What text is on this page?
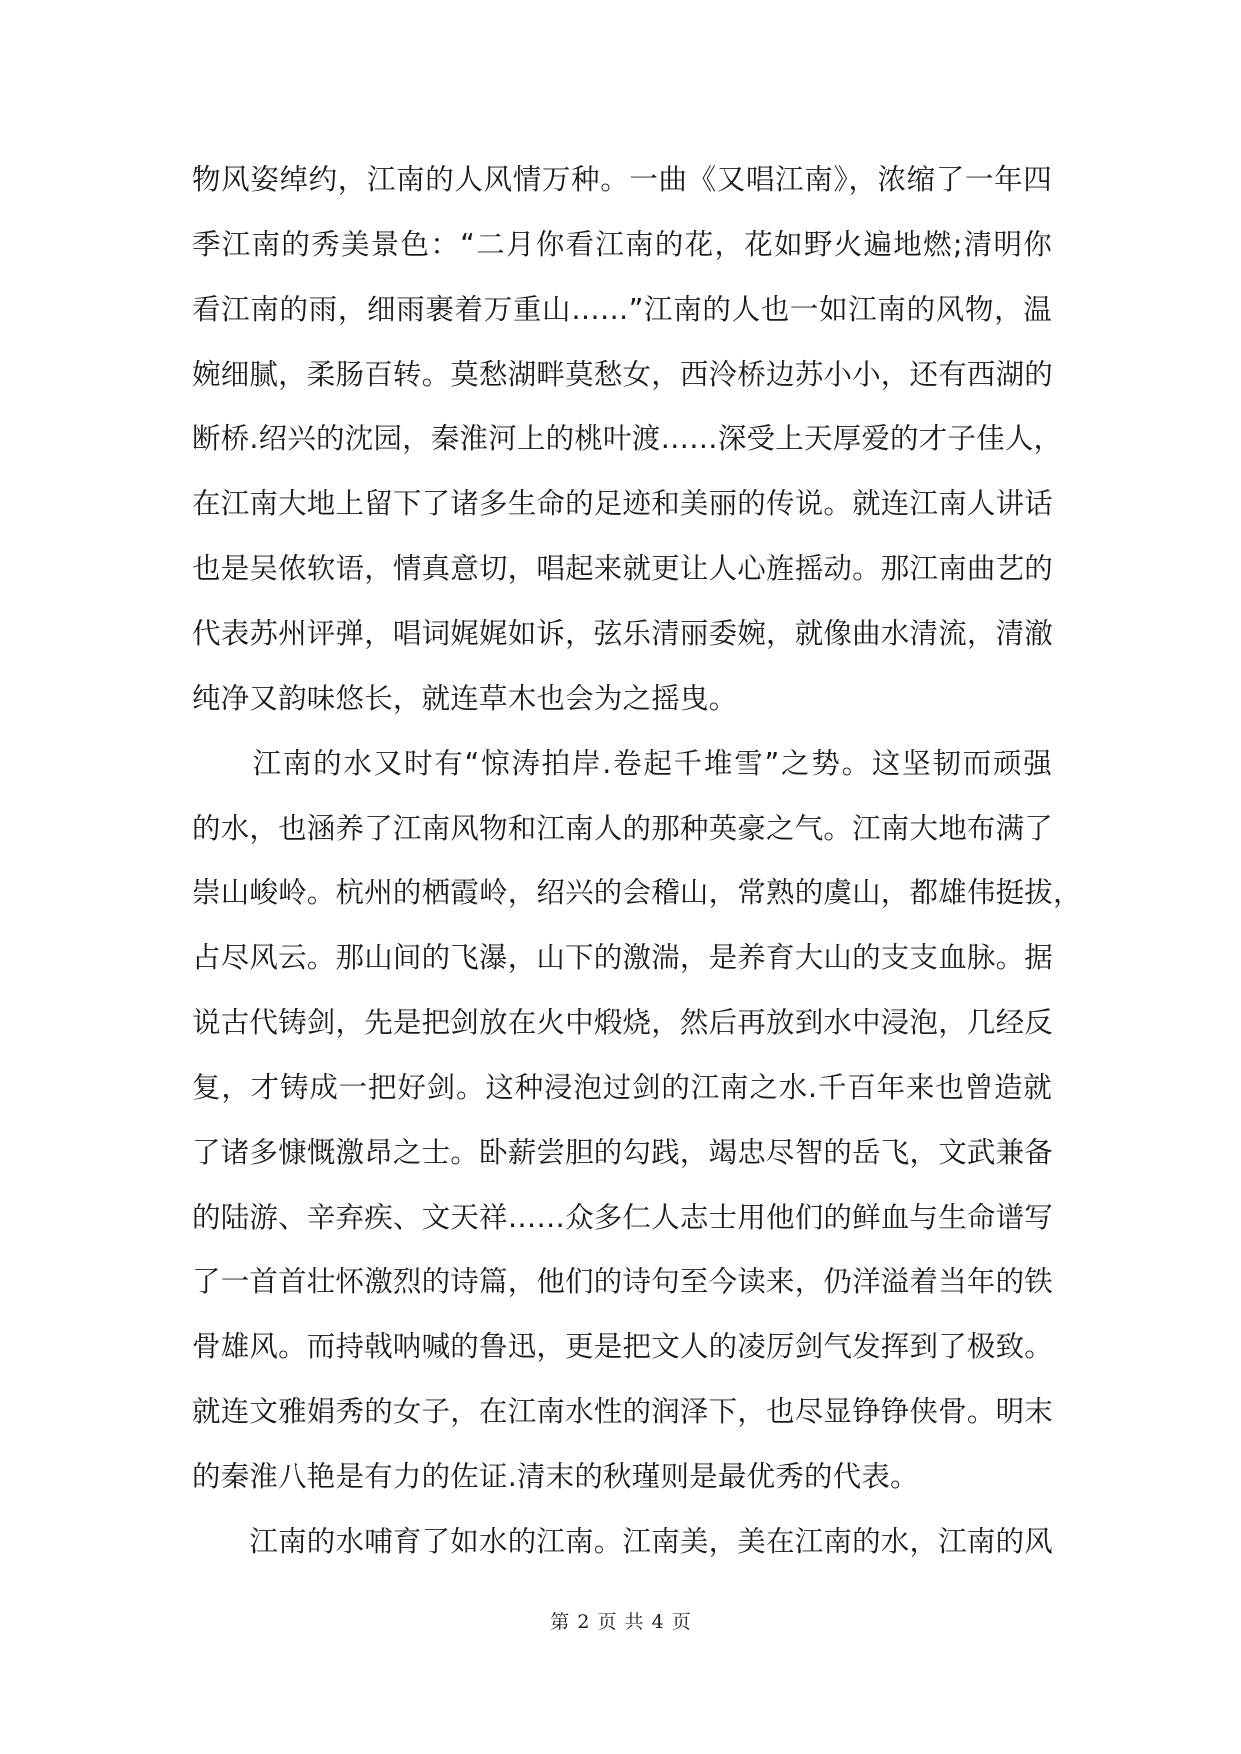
物风姿绰约，江南的人风情万种。一曲《又唱江南》，浓缩了一年四
季江南的秀美景色：“二月你看江南的花，花如野火遍地燃;清明你
看江南的雨，细雨裹着万重山……”江南的人也一如江南的风物，温
婉细腻，柔肠百转。莫愁湖畔莫愁女，西泠桥边苏小小，还有西湖的
断桥.绍兴的沈园，秦淮河上的桃叶渡……深受上天厚爱的才子佳人，
在江南大地上留下了诸多生命的足迹和美丽的传说。就连江南人讲话
也是吴侬软语，情真意切，唱起来就更让人心旌摇动。那江南曲艺的
代表苏州评弹，唱词娓娓如诉，弦乐清丽委婉，就像曲水清流，清澈
纯净又韵味悠长，就连草木也会为之摇曳。
　　江南的水又时有“惊涛拍岸.卷起千堆雪”之势。这坚韧而顽强
的水，也涵养了江南风物和江南人的那种英豪之气。江南大地布满了
崇山峻岭。杭州的栖霞岭，绍兴的会稽山，常熟的虞山，都雄伟挺拔，
占尽风云。那山间的飞瀑，山下的激湍，是养育大山的支支血脉。据
说古代铸剑，先是把剑放在火中煅烧，然后再放到水中浸泡，几经反
复，才铸成一把好剑。这种浸泡过剑的江南之水.千百年来也曾造就
了诸多慷慨激昂之士。卧薪尝胆的勾践，竭忠尽智的岳飞，文武兼备
的陆游、辛弃疾、文天祥……众多仁人志士用他们的鲜血与生命谱写
了一首首壮怀激烈的诗篇，他们的诗句至今读来，仍洋溢着当年的铁
骨雄风。而持戟呐喊的鲁迅，更是把文人的凌厉剑气发挥到了极致。
就连文雅娟秀的女子，在江南水性的润泽下，也尽显铮铮侠骨。明末
的秦淮八艳是有力的佐证.清末的秋瑾则是最优秀的代表。
　　江南的水哺育了如水的江南。江南美，美在江南的水，江南的风
第 2 页 共 4 页
